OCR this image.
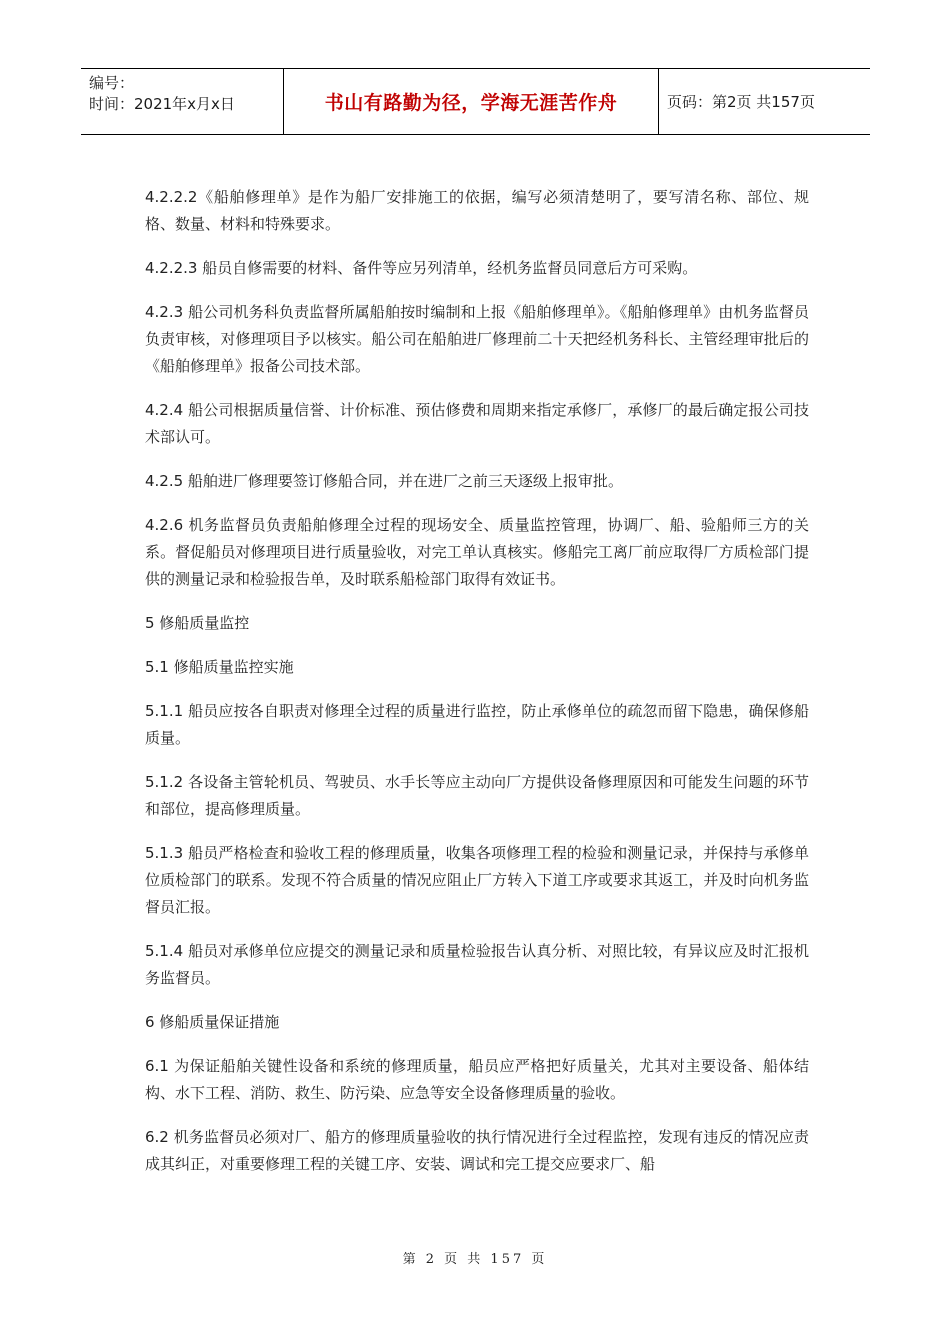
编号：
时间：2021年x月x日	书山有路勤为径，学海无涯苦作舟	页码：第2页 共157页

4.2.2.2《船舶修理单》是作为船厂安排施工的依据，编写必须清楚明了，要写清名称、部位、规格、数量、材料和特殊要求。

4.2.2.3 船员自修需要的材料、备件等应另列清单，经机务监督员同意后方可采购。

4.2.3 船公司机务科负责监督所属船舶按时编制和上报《船舶修理单》。《船舶修理单》由机务监督员负责审核，对修理项目予以核实。船公司在船舶进厂修理前二十天把经机务科长、主管经理审批后的《船舶修理单》报备公司技术部。

4.2.4 船公司根据质量信誉、计价标准、预估修费和周期来指定承修厂，承修厂的最后确定报公司技术部认可。

4.2.5 船舶进厂修理要签订修船合同，并在进厂之前三天逐级上报审批。

4.2.6 机务监督员负责船舶修理全过程的现场安全、质量监控管理，协调厂、船、验船师三方的关系。督促船员对修理项目进行质量验收，对完工单认真核实。修船完工离厂前应取得厂方质检部门提供的测量记录和检验报告单，及时联系船检部门取得有效证书。

5 修船质量监控

5.1 修船质量监控实施

5.1.1 船员应按各自职责对修理全过程的质量进行监控，防止承修单位的疏忽而留下隐患，确保修船质量。

5.1.2 各设备主管轮机员、驾驶员、水手长等应主动向厂方提供设备修理原因和可能发生问题的环节和部位，提高修理质量。

5.1.3 船员严格检查和验收工程的修理质量，收集各项修理工程的检验和测量记录，并保持与承修单位质检部门的联系。发现不符合质量的情况应阻止厂方转入下道工序或要求其返工，并及时向机务监督员汇报。

5.1.4 船员对承修单位应提交的测量记录和质量检验报告认真分析、对照比较，有异议应及时汇报机务监督员。

6 修船质量保证措施

6.1 为保证船舶关键性设备和系统的修理质量，船员应严格把好质量关，尤其对主要设备、船体结构、水下工程、消防、救生、防污染、应急等安全设备修理质量的验收。

6.2 机务监督员必须对厂、船方的修理质量验收的执行情况进行全过程监控，发现有违反的情况应责成其纠正，对重要修理工程的关键工序、安装、调试和完工提交应要求厂、船

第 2 页 共 157 页
